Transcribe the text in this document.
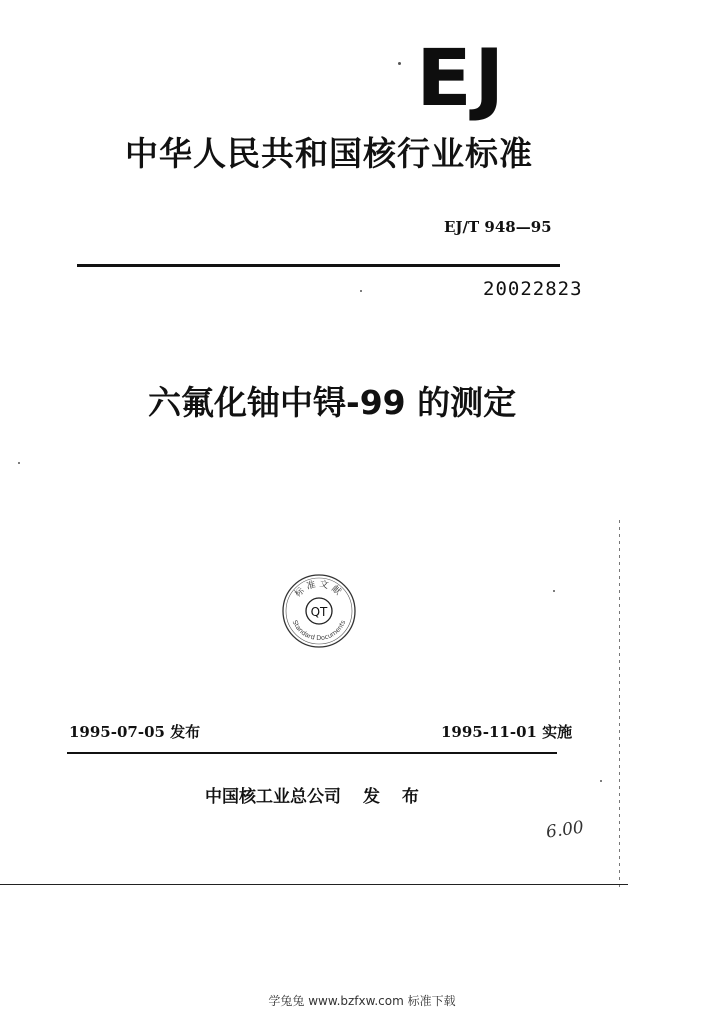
EJ
中华人民共和国核行业标准
EJ/T 948—95
20022823
六氟化铀中锝-99 的测定
标准文献
QT
Standard Documents
1995-07-05 发布	1995-11-01 实施
中国核工业总公司 发 布
6.00
学兔兔 www.bzfxw.com 标准下载
